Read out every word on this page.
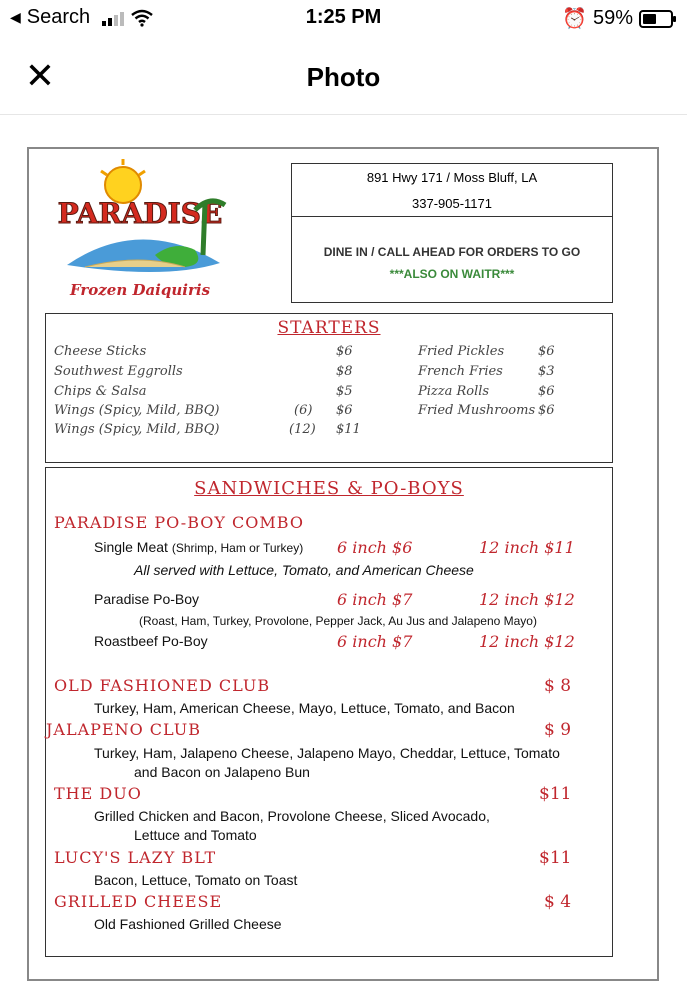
◀ Search	1:25 PM	⏰ 59%
✕	Photo
PARADISE
Frozen Daiquiris
891 Hwy 171 / Moss Bluff, LA
337-905-1171
DINE IN / CALL AHEAD FOR ORDERS TO GO
***ALSO ON WAITR***
STARTERS
Cheese Sticks	$6
Southwest Eggrolls	$8
Chips & Salsa	$5
Wings (Spicy, Mild, BBQ)	(6) $6
Wings (Spicy, Mild, BBQ)	(12) $11
Fried Pickles	$6
French Fries	$3
Pizza Rolls	$6
Fried Mushrooms $6
SANDWICHES & PO-BOYS
PARADISE PO-BOY COMBO
Single Meat (Shrimp, Ham or Turkey) 6 inch $6	12 inch $11
All served with Lettuce, Tomato, and American Cheese
Paradise Po-Boy	6 inch $7	12 inch $12
(Roast, Ham, Turkey, Provolone, Pepper Jack, Au Jus and Jalapeno Mayo)
Roastbeef Po-Boy	6 inch $7	12 inch $12
OLD FASHIONED CLUB	$ 8
Turkey, Ham, American Cheese, Mayo, Lettuce, Tomato, and Bacon
JALAPENO CLUB	$ 9
Turkey, Ham, Jalapeno Cheese, Jalapeno Mayo, Cheddar, Lettuce, Tomato
and Bacon on Jalapeno Bun
THE DUO	$11
Grilled Chicken and Bacon, Provolone Cheese, Sliced Avocado,
Lettuce and Tomato
LUCY'S LAZY BLT	$11
Bacon, Lettuce, Tomato on Toast
GRILLED CHEESE	$ 4
Old Fashioned Grilled Cheese
